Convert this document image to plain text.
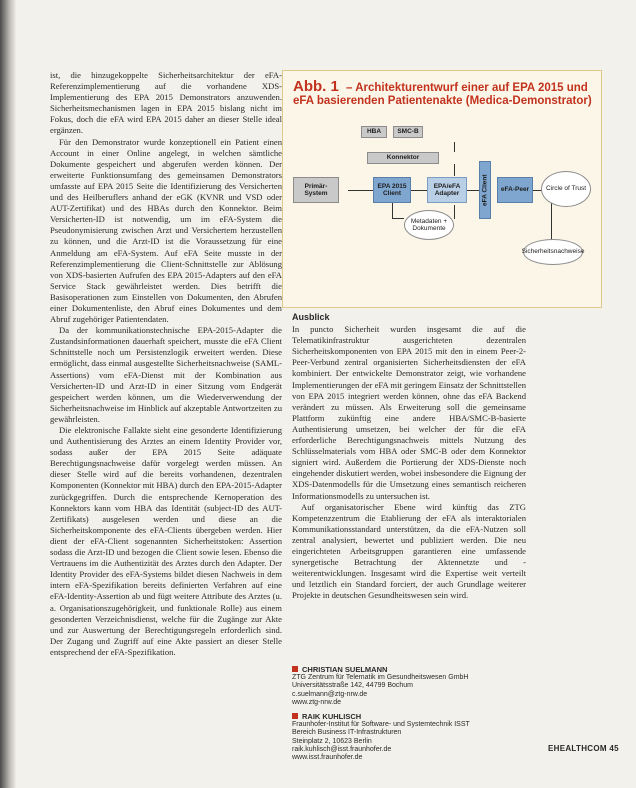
ist, die hinzugekoppelte Sicherheitsarchitektur der eFA-Referenzimplementierung auf die vorhandene XDS-Implementierung des EPA 2015 Demonstrators anzuwenden. Sicherheitsmechanismen lagen in EPA 2015 bislang nicht im Fokus, doch die eFA wird EPA 2015 daher an dieser Stelle ideal ergänzen.

Für den Demonstrator wurde konzeptionell ein Patient einen Account in einer Online angelegt, in welchen sämtliche Dokumente gespeichert und abgerufen werden können. Der erweiterte Funktionsumfang des gemeinsamen Demonstrators umfasste auf EPA 2015 Seite die Identifizierung des Versicherten und des Heilberuflers anhand der eGK (KVNR und VSD oder AUT-Zertifikat) und des HBAs durch den Konnektor. Beim Versicherten-ID ist notwendig, um im eFA-System die Pseudonymisierung zwischen Arzt und Versichertem herzustellen zu können, und die Arzt-ID ist die Voraussetzung für eine Anmeldung am eFA-System. Auf eFA Seite musste in der Referenzimplementierung die Client-Schnittstelle zur Ablösung von XDS-basierten Aufrufen des EPA 2015-Adapters auf den eFA Service Stack gewährleistet werden. Dies betrifft die Basisoperationen zum Einstellen von Dokumenten, den Abrufen einer Dokumentenliste, den Abruf eines Dokumentes und dem Abruf zugehöriger Patientendaten.

Da der kommunikationstechnische EPA-2015-Adapter die Zustandsinformationen dauerhaft speichert, musste die eFA Client Schnittstelle noch um Persistenzlogik erweitert werden. Diese ermöglicht, dass einmal ausgestellte Sicherheitsnachweise (SAML-Assertions) vom eFA-Dienst mit der Kombination aus Versicherten-ID und Arzt-ID in einer Sitzung vom Endgerät gespeichert werden können, um die Wiederverwendung der Sicherheitsnachweise im Hinblick auf akzeptable Antwortzeiten zu gewährleisten.

Die elektronische Fallakte sieht eine gesonderte Identifizierung und Authentisierung des Arztes an einem Identity Provider vor, sodass außer der EPA 2015 Seite adäquate Berechtigungsnachweise dafür vorgelegt werden müssen. An dieser Stelle wird auf die bereits vorhandenen, dezentralen Komponenten (Konnektor mit HBA) durch den EPA-2015-Adapter zurückgegriffen. Durch die entsprechende Kernoperation des Konnektors kann vom HBA das Identität (subject-ID des AUT-Zertifikats) ausgelesen werden und diese an die Sicherheitskomponente des eFA-Clients übergeben werden. Hier dient der eFA-Client sogenannten Sicherheitstoken: Assertion sodass die Arzt-ID und bezogen die Client sowie lesen. Ebenso die Vertrauens im die Authentizität des Arztes durch den Adapter. Der Identity Provider des eFA-Systems bildet diesen Nachweis in dem intern eFA-Spezifikation bereits definierten Verfahren auf eine eFA-Identity-Assertion ab und fügt weitere Attribute des Arztes (u. a. Organisationszugehörigkeit, und funktionale Rolle) aus einem gesonderten Verzeichnisdienst, welche für die Zugänge zur Akte und zur Auswertung der Berechtigungsregeln erforderlich sind. Der Zugang und Zugriff auf eine Akte passiert an dieser Stelle entsprechend der eFA-Spezifikation.

Abb. 1 – Architekturentwurf einer auf EPA 2015 und eFA basierenden Patientenakte (Medica-Demonstrator)
HBA	SMC-B
Konnektor
Primär-System
EPA 2015 Client
EPA/eFA Adapter	eFA Client	eFA-Peer	Circle of Trust
Metadaten + Dokumente
Sicherheitsnachweise
Ausblick

In puncto Sicherheit wurden insgesamt die auf die Telematikinfrastruktur ausgerichteten dezentralen Sicherheitskomponenten von EPA 2015 mit den in einem Peer-2-Peer-Verbund zentral organisierten Sicherheitsdiensten der eFA kombiniert. Der entwickelte Demonstrator zeigt, wie vorhandene Implementierungen der eFA mit geringem Einsatz der Schnittstellen von EPA 2015 integriert werden können, ohne das eFA Backend verändert zu müssen. Als Erweiterung soll die gemeinsame Plattform zukünftig eine andere HBA/SMC-B-basierte Authentisierung umsetzen, bei welcher der für die eFA erforderliche Berechtigungsnachweis mittels Nutzung des Schlüsselmaterials vom HBA oder SMC-B oder dem Konnektor signiert wird. Außerdem die Portierung der XDS-Dienste noch eingehender diskutiert werden, wobei insbesondere die Eignung der XDS-Datenmodells für die Umsetzung eines semantisch reicheren Informationsmodells zu untersuchen ist.

Auf organisatorischer Ebene wird künftig das ZTG Kompetenzzentrum die Etablierung der eFA als interaktorialen Kommunikationsstandard unterstützen, da die eFA-Nutzen soll zentral analysiert, bewertet und publiziert werden. Die neu eingerichteten Arbeitsgruppen garantieren eine umfassende synergetische Betrachtung der Aktennetzte und -weiterentwicklungen. Insgesamt wird die Expertise weit verteilt und letztlich ein Standard forciert, der auch Grundlage weiterer Projekte in deutschen Gesundheitswesen sein wird.

CHRISTIAN SUELMANN
ZTG Zentrum für Telematik im Gesundheitswesen GmbH
Universitätsstraße 142, 44799 Bochum
c.suelmann@ztg-nrw.de
www.ztg-nrw.de
RAIK KUHLISCH
Fraunhofer-Institut für Software- und Systemtechnik ISST
Bereich Business IT-Infrastrukturen
Steinplatz 2, 10623 Berlin
raik.kuhlisch@isst.fraunhofer.de
www.isst.fraunhofer.de
EHEALTHCOM 45
